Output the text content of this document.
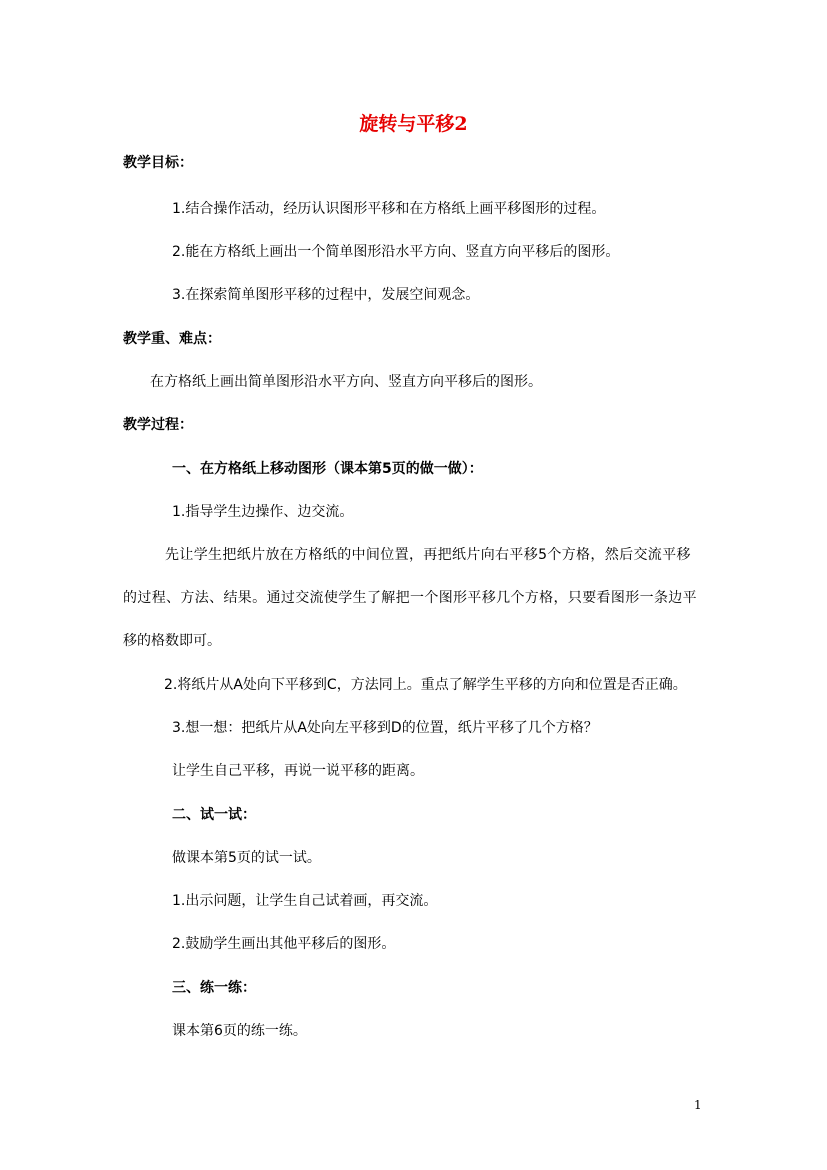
旋转与平移2
教学目标：
1.结合操作活动，经历认识图形平移和在方格纸上画平移图形的过程。
2.能在方格纸上画出一个简单图形沿水平方向、竖直方向平移后的图形。
3.在探索简单图形平移的过程中，发展空间观念。
教学重、难点：
在方格纸上画出简单图形沿水平方向、竖直方向平移后的图形。
教学过程：
一、在方格纸上移动图形（课本第5页的做一做）：
1.指导学生边操作、边交流。
先让学生把纸片放在方格纸的中间位置，再把纸片向右平移5个方格，然后交流平移
的过程、方法、结果。通过交流使学生了解把一个图形平移几个方格，只要看图形一条边平
移的格数即可。
2.将纸片从A处向下平移到C，方法同上。重点了解学生平移的方向和位置是否正确。
3.想一想：把纸片从A处向左平移到D的位置，纸片平移了几个方格？
让学生自己平移，再说一说平移的距离。
二、试一试：
做课本第5页的试一试。
1.出示问题，让学生自己试着画，再交流。
2.鼓励学生画出其他平移后的图形。
三、练一练：
课本第6页的练一练。
1
